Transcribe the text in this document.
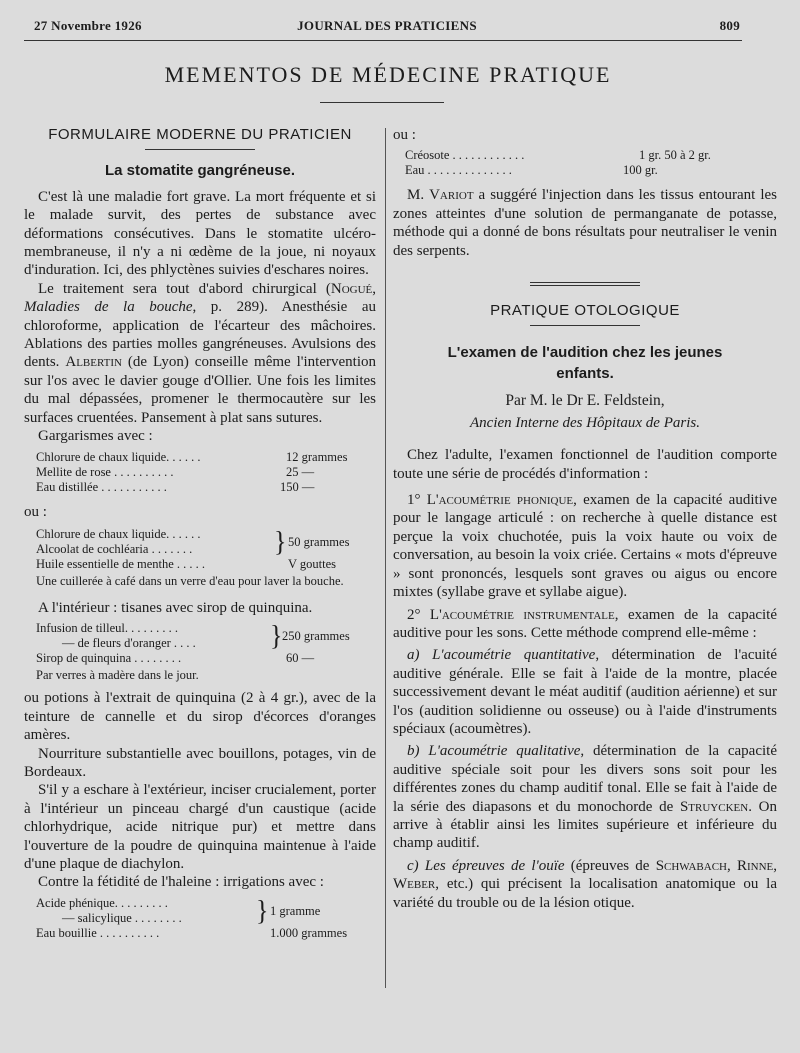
27 Novembre 1926	JOURNAL DES PRATICIENS	809
MEMENTOS DE MÉDECINE PRATIQUE
FORMULAIRE MODERNE DU PRATICIEN
La stomatite gangréneuse.

C'est là une maladie fort grave. La mort fréquente et si le malade survit, des pertes de substance avec déformations consécutives. Dans le stomatite ulcéro-membraneuse, il n'y a ni œdème de la joue, ni noyaux d'induration. Ici, des phlyctènes suivies d'eschares noires.

Le traitement sera tout d'abord chirurgical (Nogué, Maladies de la bouche, p. 289). Anesthésie au chloroforme, application de l'écarteur des mâchoires. Ablations des parties molles gangréneuses. Avulsions des dents. Albertin (de Lyon) conseille même l'intervention sur l'os avec le davier gouge d'Ollier. Une fois les limites du mal dépassées, promener le thermocautère sur les surfaces cruentées. Pansement à plat sans sutures.

Gargarismes avec :

Chlorure de chaux liquide. . . . . .	12 grammes
Mellite de rose . . . . . . . . . .	25 —
Eau distillée . . . . . . . . . . .	150 —
ou :
Chlorure de chaux liquide. . . . . .
Alcoolat de cochléaria . . . . . . .	} 50 grammes
Huile essentielle de menthe . . . . .	V gouttes

Une cuillerée à café dans un verre d'eau pour laver la bouche.

A l'intérieur : tisanes avec sirop de quinquina.

Infusion de tilleul. . . . . . . . .
— de fleurs d'oranger . . . .	} 250 grammes
Sirop de quinquina . . . . . . . .	60 —

Par verres à madère dans le jour.

ou potions à l'extrait de quinquina (2 à 4 gr.), avec de la teinture de cannelle et du sirop d'écorces d'oranges amères.

Nourriture substantielle avec bouillons, potages, vin de Bordeaux.

S'il y a eschare à l'extérieur, inciser crucialement, porter à l'intérieur un pinceau chargé d'un caustique (acide chlorhydrique, acide nitrique pur) et mettre dans l'ouverture de la poudre de quinquina maintenue à l'aide d'une plaque de diachylon.

Contre la fétidité de l'haleine : irrigations avec :

Acide phénique. . . . . . . . .
— salicylique . . . . . . . .	} 1 gramme
Eau bouillie . . . . . . . . . .	1.000 grammes
ou :
Créosote . . . . . . . . . . . .	1 gr. 50 à 2 gr.
Eau . . . . . . . . . . . . . .	100 gr.

M. Variot a suggéré l'injection dans les tissus entourant les zones atteintes d'une solution de permanganate de potasse, méthode qui a donné de bons résultats pour neutraliser le venin des serpents.

PRATIQUE OTOLOGIQUE
L'examen de l'audition chez les jeunes enfants.
Par M. le Dr E. Feldstein,
Ancien Interne des Hôpitaux de Paris.

Chez l'adulte, l'examen fonctionnel de l'audition comporte toute une série de procédés d'information :

1° L'acoumétrie phonique, examen de la capacité auditive pour le langage articulé : on recherche à quelle distance est perçue la voix chuchotée, puis la voix haute ou voix de conversation, au besoin la voix criée. Certains « mots d'épreuve » sont prononcés, lesquels sont graves ou aigus ou encore mixtes (syllabe grave et syllabe aigue).

2° L'acoumétrie instrumentale, examen de la capacité auditive pour les sons. Cette méthode comprend elle-même :

a) L'acoumétrie quantitative, détermination de l'acuité auditive générale. Elle se fait à l'aide de la montre, placée successivement devant le méat auditif (audition aérienne) et sur l'os (audition solidienne ou osseuse) ou à l'aide d'instruments spéciaux (acoumètres).

b) L'acoumétrie qualitative, détermination de la capacité auditive spéciale soit pour les divers sons soit pour les différentes zones du champ auditif tonal. Elle se fait à l'aide de la série des diapasons et du monochorde de Struycken. On arrive à établir ainsi les limites supérieure et inférieure du champ auditif.

c) Les épreuves de l'ouïe (épreuves de Schwabach, Rinne, Weber, etc.) qui précisent la localisation anatomique ou la variété du trouble ou de la lésion otique.
